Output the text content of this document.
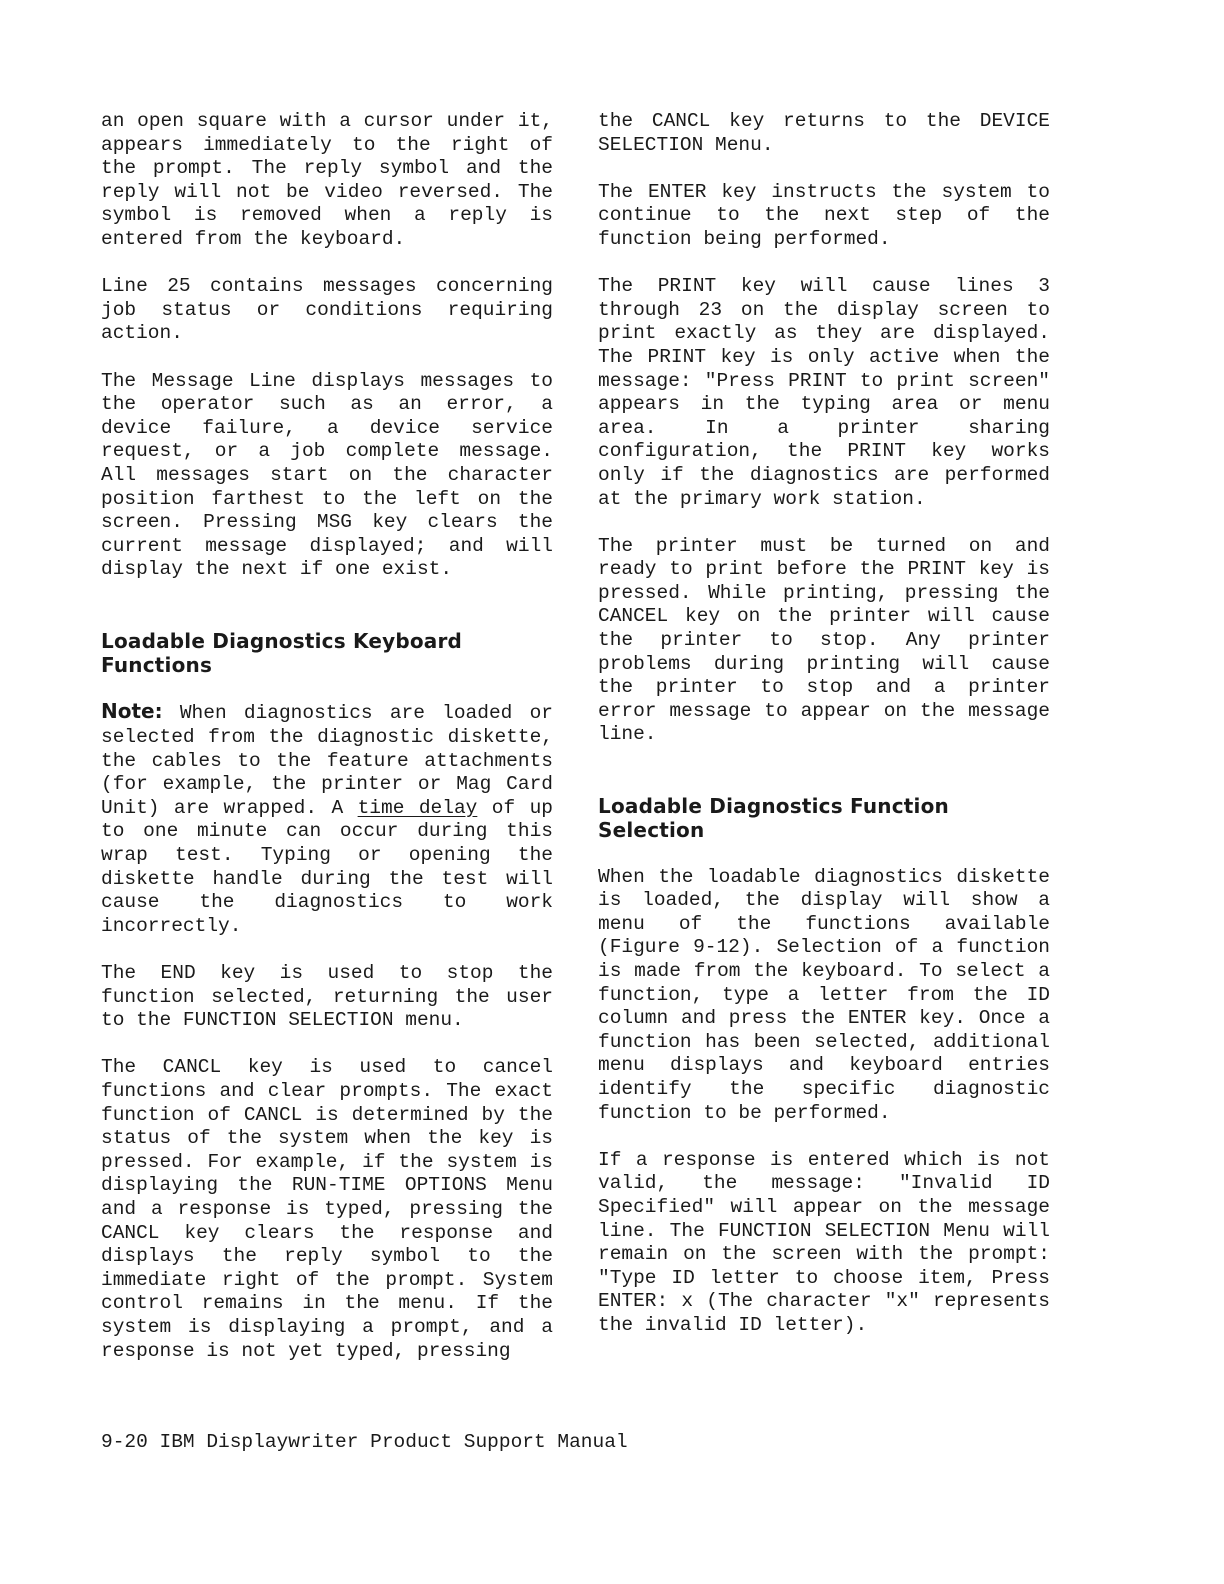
an open square with a cursor under it, appears immediately to the right of the prompt. The reply symbol and the reply will not be video reversed. The symbol is removed when a reply is entered from the keyboard.

Line 25 contains messages concerning job status or conditions requiring action.

The Message Line displays messages to the operator such as an error, a device failure, a device service request, or a job complete message. All messages start on the character position farthest to the left on the screen. Pressing MSG key clears the current message displayed; and will display the next if one exist.

Loadable Diagnostics Keyboard Functions

Note: When diagnostics are loaded or selected from the diagnostic diskette, the cables to the feature attachments (for example, the printer or Mag Card Unit) are wrapped. A time delay of up to one minute can occur during this wrap test. Typing or opening the diskette handle during the test will cause the diagnostics to work incorrectly.

The END key is used to stop the function selected, returning the user to the FUNCTION SELECTION menu.

The CANCL key is used to cancel functions and clear prompts. The exact function of CANCL is determined by the status of the system when the key is pressed. For example, if the system is displaying the RUN-TIME OPTIONS Menu and a response is typed, pressing the CANCL key clears the response and displays the reply symbol to the immediate right of the prompt. System control remains in the menu. If the system is displaying a prompt, and a response is not yet typed, pressing

the CANCL key returns to the DEVICE SELECTION Menu.

The ENTER key instructs the system to continue to the next step of the function being performed.

The PRINT key will cause lines 3 through 23 on the display screen to print exactly as they are displayed. The PRINT key is only active when the message: "Press PRINT to print screen" appears in the typing area or menu area. In a printer sharing configuration, the PRINT key works only if the diagnostics are performed at the primary work station.

The printer must be turned on and ready to print before the PRINT key is pressed. While printing, pressing the CANCEL key on the printer will cause the printer to stop. Any printer problems during printing will cause the printer to stop and a printer error message to appear on the message line.

Loadable Diagnostics Function Selection

When the loadable diagnostics diskette is loaded, the display will show a menu of the functions available (Figure 9-12). Selection of a function is made from the keyboard. To select a function, type a letter from the ID column and press the ENTER key. Once a function has been selected, additional menu displays and keyboard entries identify the specific diagnostic function to be performed.

If a response is entered which is not valid, the message: "Invalid ID Specified" will appear on the message line. The FUNCTION SELECTION Menu will remain on the screen with the prompt: "Type ID letter to choose item, Press ENTER: x (The character "x" represents the invalid ID letter).

9-20 IBM Displaywriter Product Support Manual
